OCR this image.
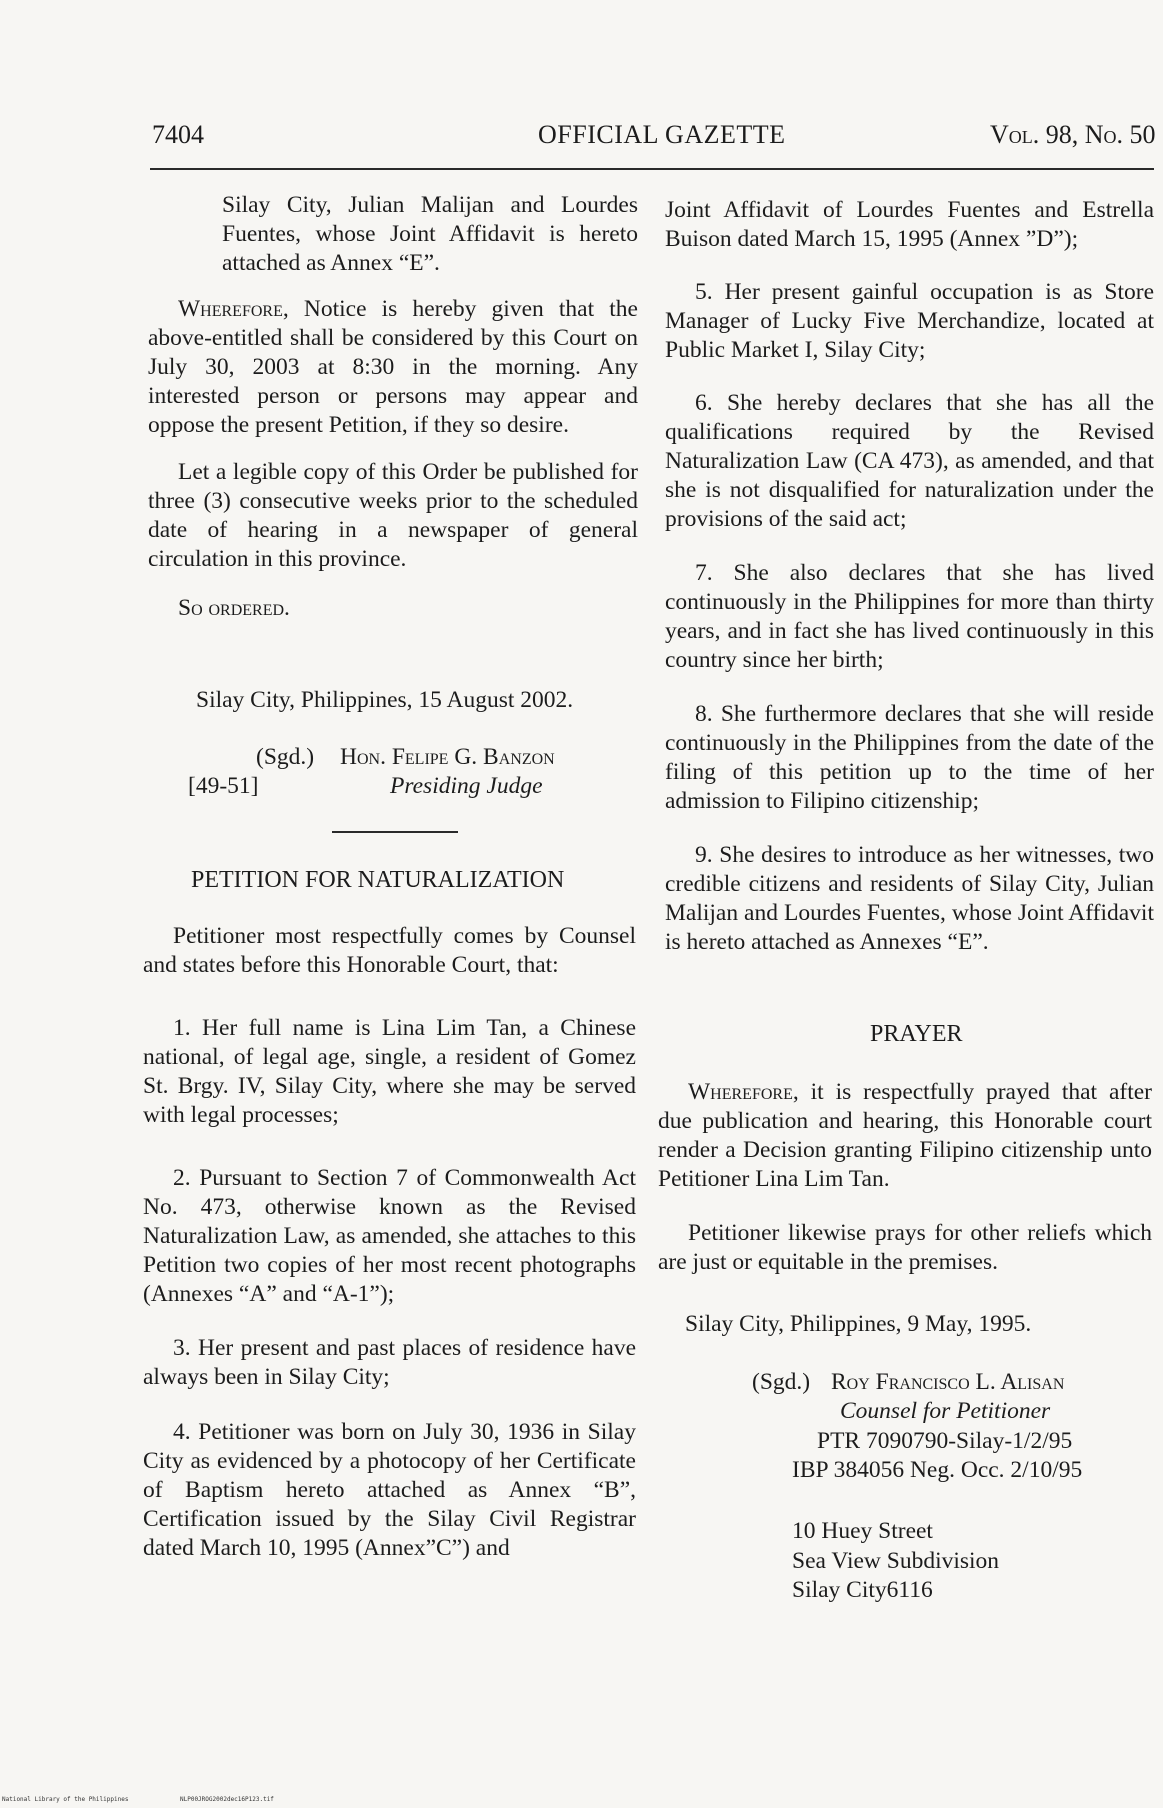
7404	OFFICIAL GAZETTE	Vol. 98, No. 50

Silay City, Julian Malijan and Lourdes Fuentes, whose Joint Affidavit is hereto attached as Annex “E”.

Wherefore, Notice is hereby given that the above-entitled shall be considered by this Court on July 30, 2003 at 8:30 in the morning. Any interested person or persons may appear and oppose the present Petition, if they so desire.

Let a legible copy of this Order be published for three (3) consecutive weeks prior to the scheduled date of hearing in a newspaper of general circulation in this province.

So ordered.

Silay City, Philippines, 15 August 2002.
(Sgd.) Hon. Felipe G. Banzon
[49-51]	Presiding Judge
PETITION FOR NATURALIZATION

Petitioner most respectfully comes by Counsel and states before this Honorable Court, that:

1. Her full name is Lina Lim Tan, a Chinese national, of legal age, single, a resident of Gomez St. Brgy. IV, Silay City, where she may be served with legal processes;

2. Pursuant to Section 7 of Commonwealth Act No. 473, otherwise known as the Revised Naturalization Law, as amended, she attaches to this Petition two copies of her most recent photographs (Annexes “A” and “A-1”);

3. Her present and past places of residence have always been in Silay City;

4. Petitioner was born on July 30, 1936 in Silay City as evidenced by a photocopy of her Certificate of Baptism hereto attached as Annex “B”, Certification issued by the Silay Civil Registrar dated March 10, 1995 (Annex”C”) and

Joint Affidavit of Lourdes Fuentes and Estrella Buison dated March 15, 1995 (Annex ”D”);

5. Her present gainful occupation is as Store Manager of Lucky Five Merchandize, located at Public Market I, Silay City;

6. She hereby declares that she has all the qualifications required by the Revised Naturalization Law (CA 473), as amended, and that she is not disqualified for naturalization under the provisions of the said act;

7. She also declares that she has lived continuously in the Philippines for more than thirty years, and in fact she has lived continuously in this country since her birth;

8. She furthermore declares that she will reside continuously in the Philippines from the date of the filing of this petition up to the time of her admission to Filipino citizenship;

9. She desires to introduce as her witnesses, two credible citizens and residents of Silay City, Julian Malijan and Lourdes Fuentes, whose Joint Affidavit is hereto attached as Annexes “E”.

PRAYER

Wherefore, it is respectfully prayed that after due publication and hearing, this Honorable court render a Decision granting Filipino citizenship unto Petitioner Lina Lim Tan.

Petitioner likewise prays for other reliefs which are just or equitable in the premises.

Silay City, Philippines, 9 May, 1995.
(Sgd.) Roy Francisco L. Alisan
Counsel for Petitioner
PTR 7090790-Silay-1/2/95
IBP 384056 Neg. Occ. 2/10/95
10 Huey Street
Sea View Subdivision
Silay City6116
National Library of the Philippines	NLP00JROG2002dec16P123.tif
